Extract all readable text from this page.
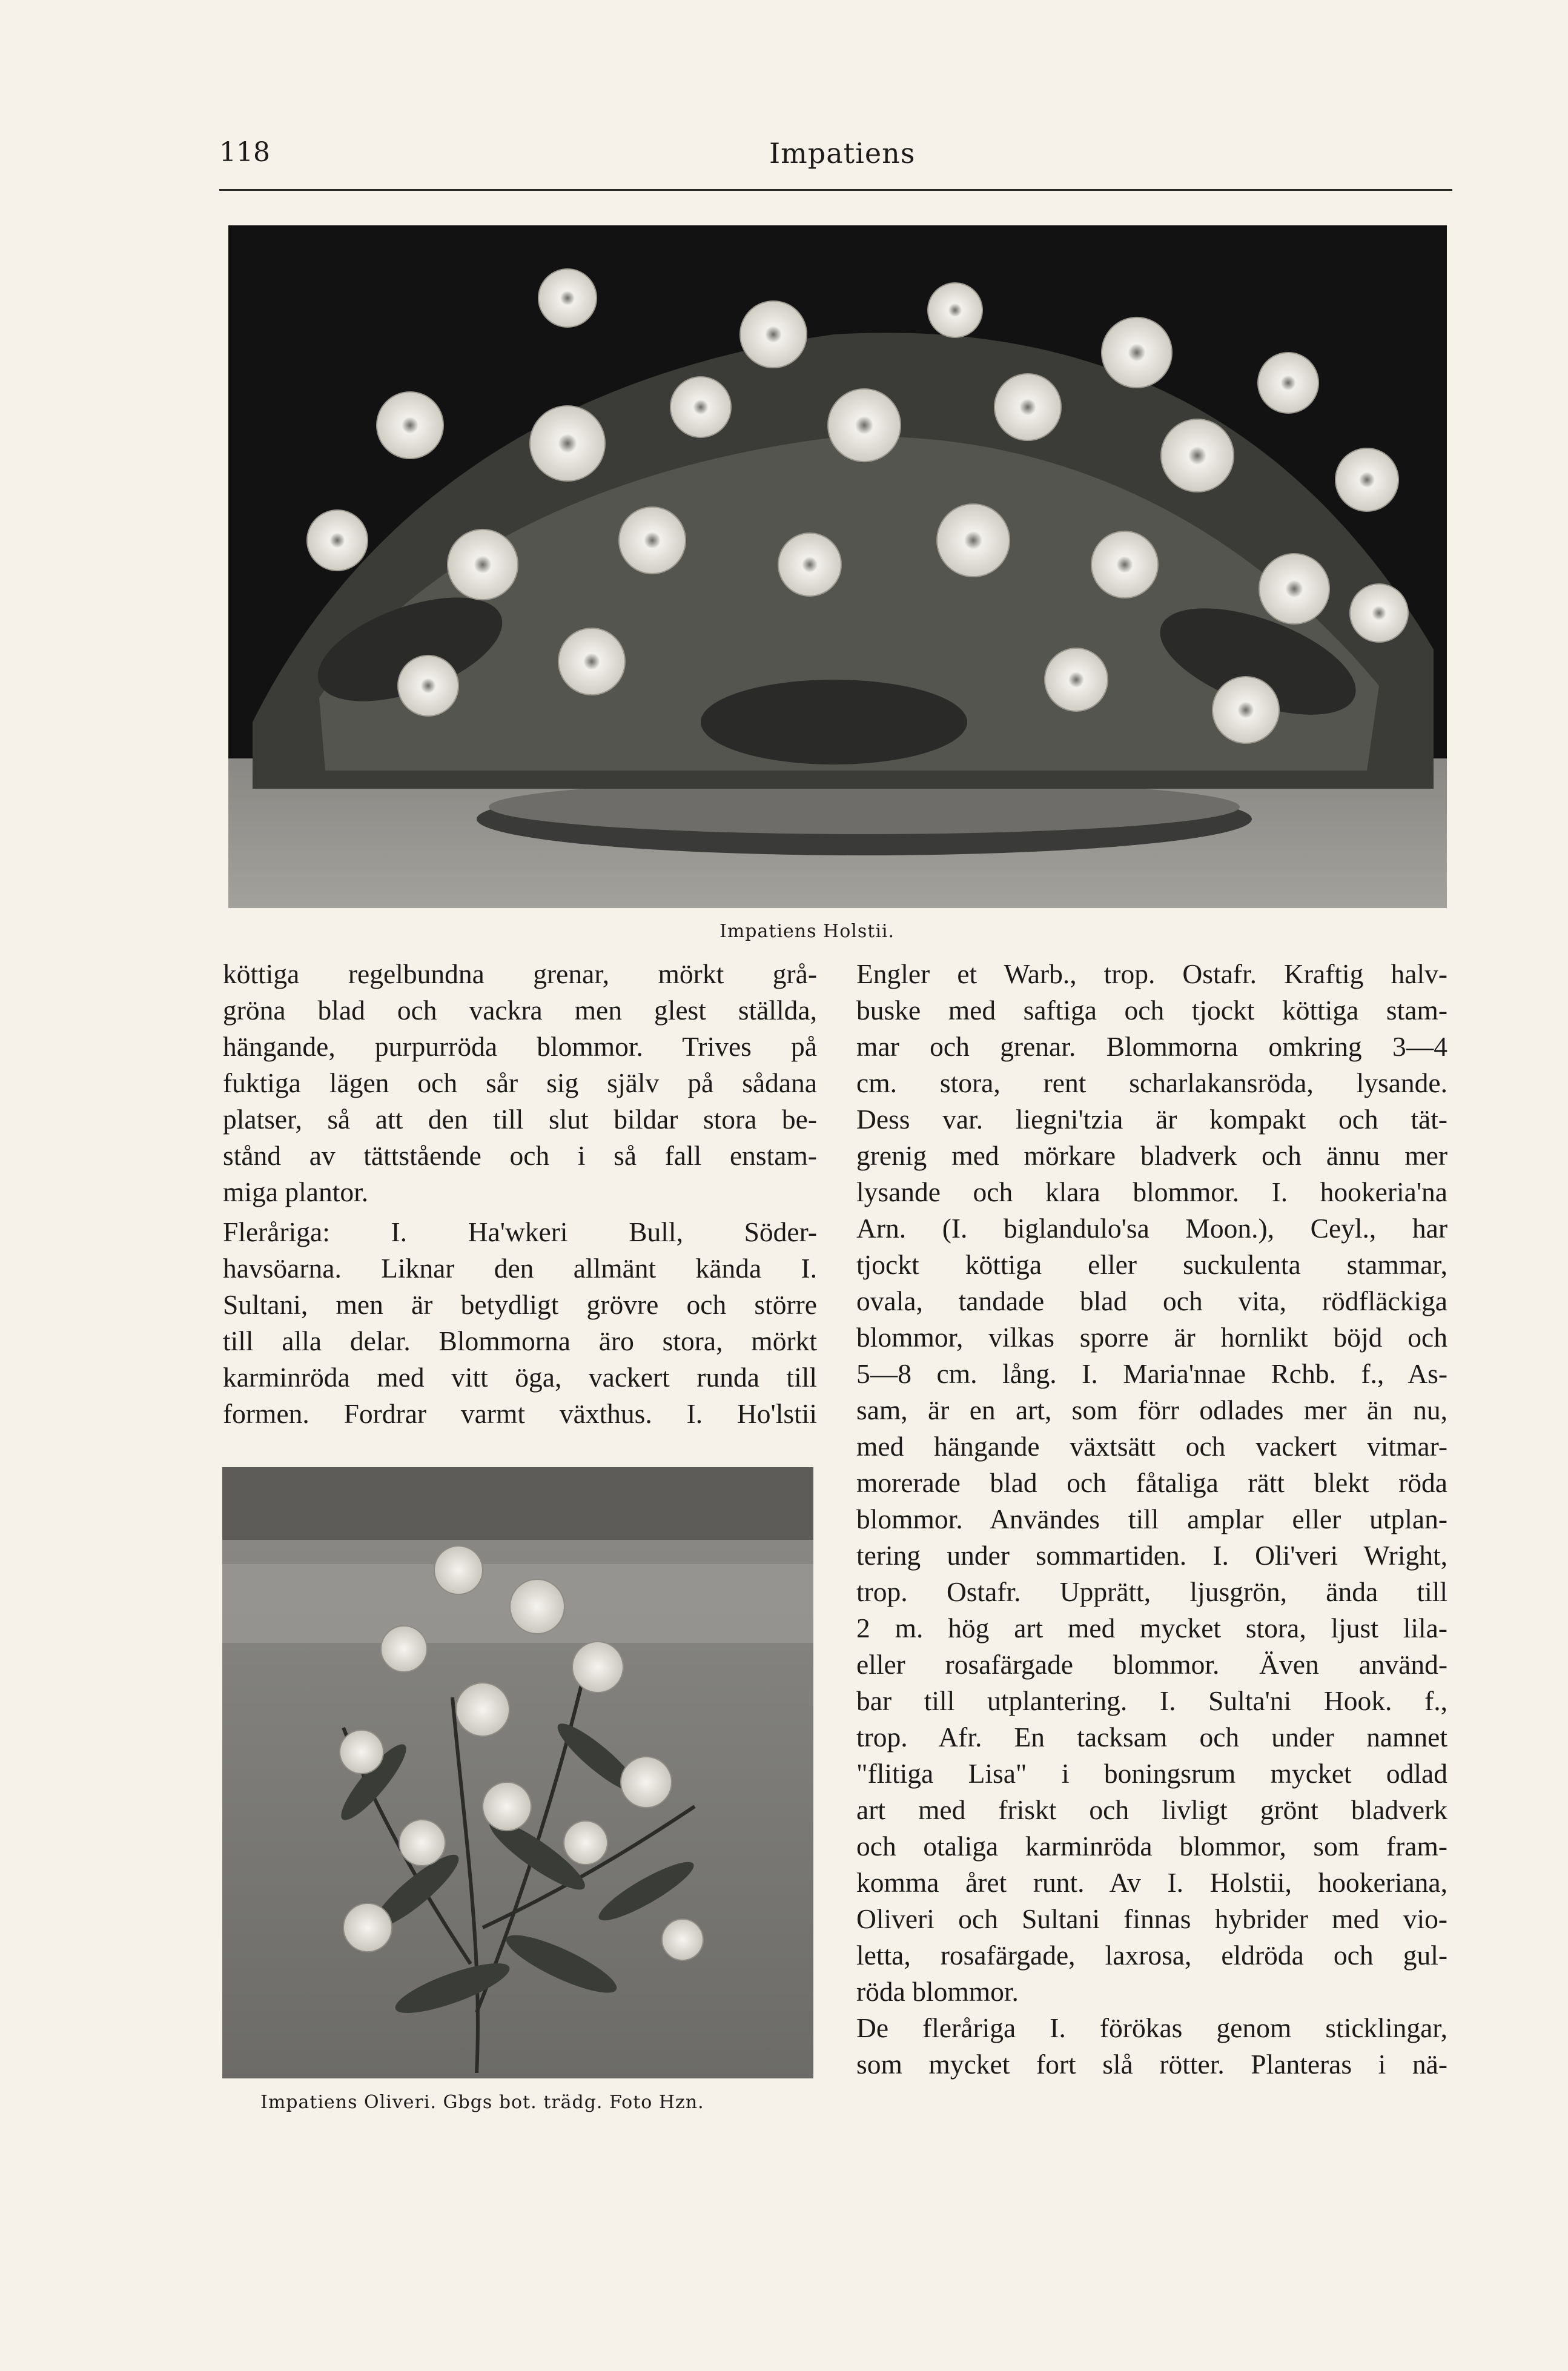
118	Impatiens
Impatiens Holstii.
köttiga regelbundna grenar, mörkt grå-
gröna blad och vackra men glest ställda,
hängande, purpurröda blommor. Trives på
fuktiga lägen och sår sig själv på sådana
platser, så att den till slut bildar stora be-
stånd av tättstående och i så fall enstam-
miga plantor.
Fleråriga: I. Ha'wkeri Bull, Söder-
havsöarna. Liknar den allmänt kända I.
Sultani, men är betydligt grövre och större
till alla delar. Blommorna äro stora, mörkt
karminröda med vitt öga, vackert runda till
formen. Fordrar varmt växthus. I. Ho'lstii
Impatiens Oliveri. Gbgs bot. trädg. Foto Hzn.
Engler et Warb., trop. Ostafr. Kraftig halv-
buske med saftiga och tjockt köttiga stam-
mar och grenar. Blommorna omkring 3—4
cm. stora, rent scharlakansröda, lysande.
Dess var. liegni'tzia är kompakt och tät-
grenig med mörkare bladverk och ännu mer
lysande och klara blommor. I. hookeria'na
Arn. (I. biglandulo'sa Moon.), Ceyl., har
tjockt köttiga eller suckulenta stammar,
ovala, tandade blad och vita, rödfläckiga
blommor, vilkas sporre är hornlikt böjd och
5—8 cm. lång. I. Maria'nnae Rchb. f., As-
sam, är en art, som förr odlades mer än nu,
med hängande växtsätt och vackert vitmar-
morerade blad och fåtaliga rätt blekt röda
blommor. Användes till amplar eller utplan-
tering under sommartiden. I. Oli'veri Wright,
trop. Ostafr. Upprätt, ljusgrön, ända till
2 m. hög art med mycket stora, ljust lila-
eller rosafärgade blommor. Även använd-
bar till utplantering. I. Sulta'ni Hook. f.,
trop. Afr. En tacksam och under namnet
"flitiga Lisa" i boningsrum mycket odlad
art med friskt och livligt grönt bladverk
och otaliga karminröda blommor, som fram-
komma året runt. Av I. Holstii, hookeriana,
Oliveri och Sultani finnas hybrider med vio-
letta, rosafärgade, laxrosa, eldröda och gul-
röda blommor.
De fleråriga I. förökas genom sticklingar,
som mycket fort slå rötter. Planteras i nä-
